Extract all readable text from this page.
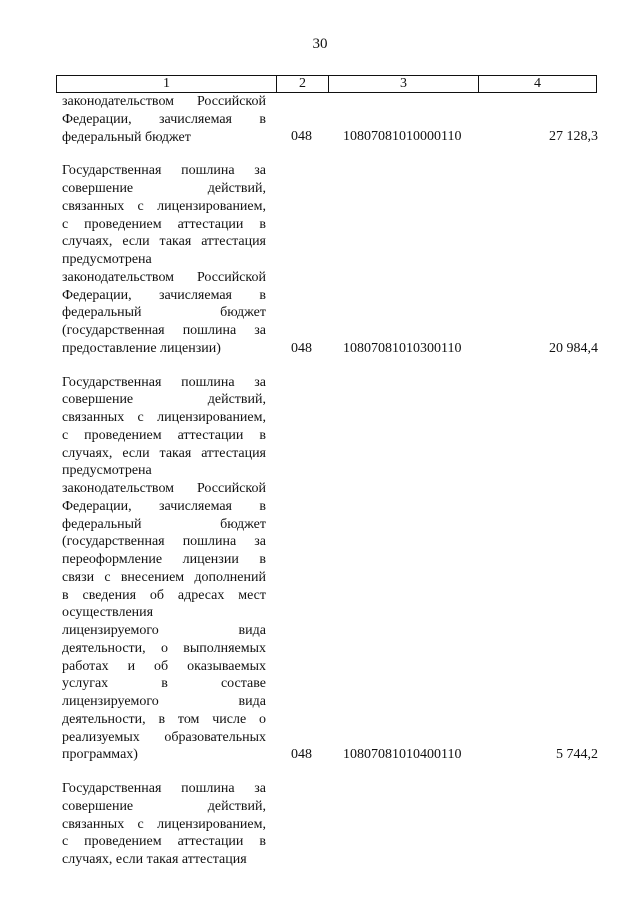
30
1	2	3	4
законодательством Российской
Федерации, зачисляемая в
федеральный бюджет	048 10807081010000110	27 128,3
Государственная пошлина за
совершение действий,
связанных с лицензированием,
с проведением аттестации в
случаях, если такая аттестация
предусмотрена
законодательством Российской
Федерации, зачисляемая в
федеральный бюджет
(государственная пошлина за
предоставление лицензии)	048 10807081010300110	20 984,4
Государственная пошлина за
совершение действий,
связанных с лицензированием,
с проведением аттестации в
случаях, если такая аттестация
предусмотрена
законодательством Российской
Федерации, зачисляемая в
федеральный бюджет
(государственная пошлина за
переоформление лицензии в
связи с внесением дополнений
в сведения об адресах мест
осуществления
лицензируемого вида
деятельности, о выполняемых
работах и об оказываемых
услугах в составе
лицензируемого вида
деятельности, в том числе о
реализуемых образовательных
программах)	048 10807081010400110	5 744,2
Государственная пошлина за
совершение действий,
связанных с лицензированием,
с проведением аттестации в
случаях, если такая аттестация
